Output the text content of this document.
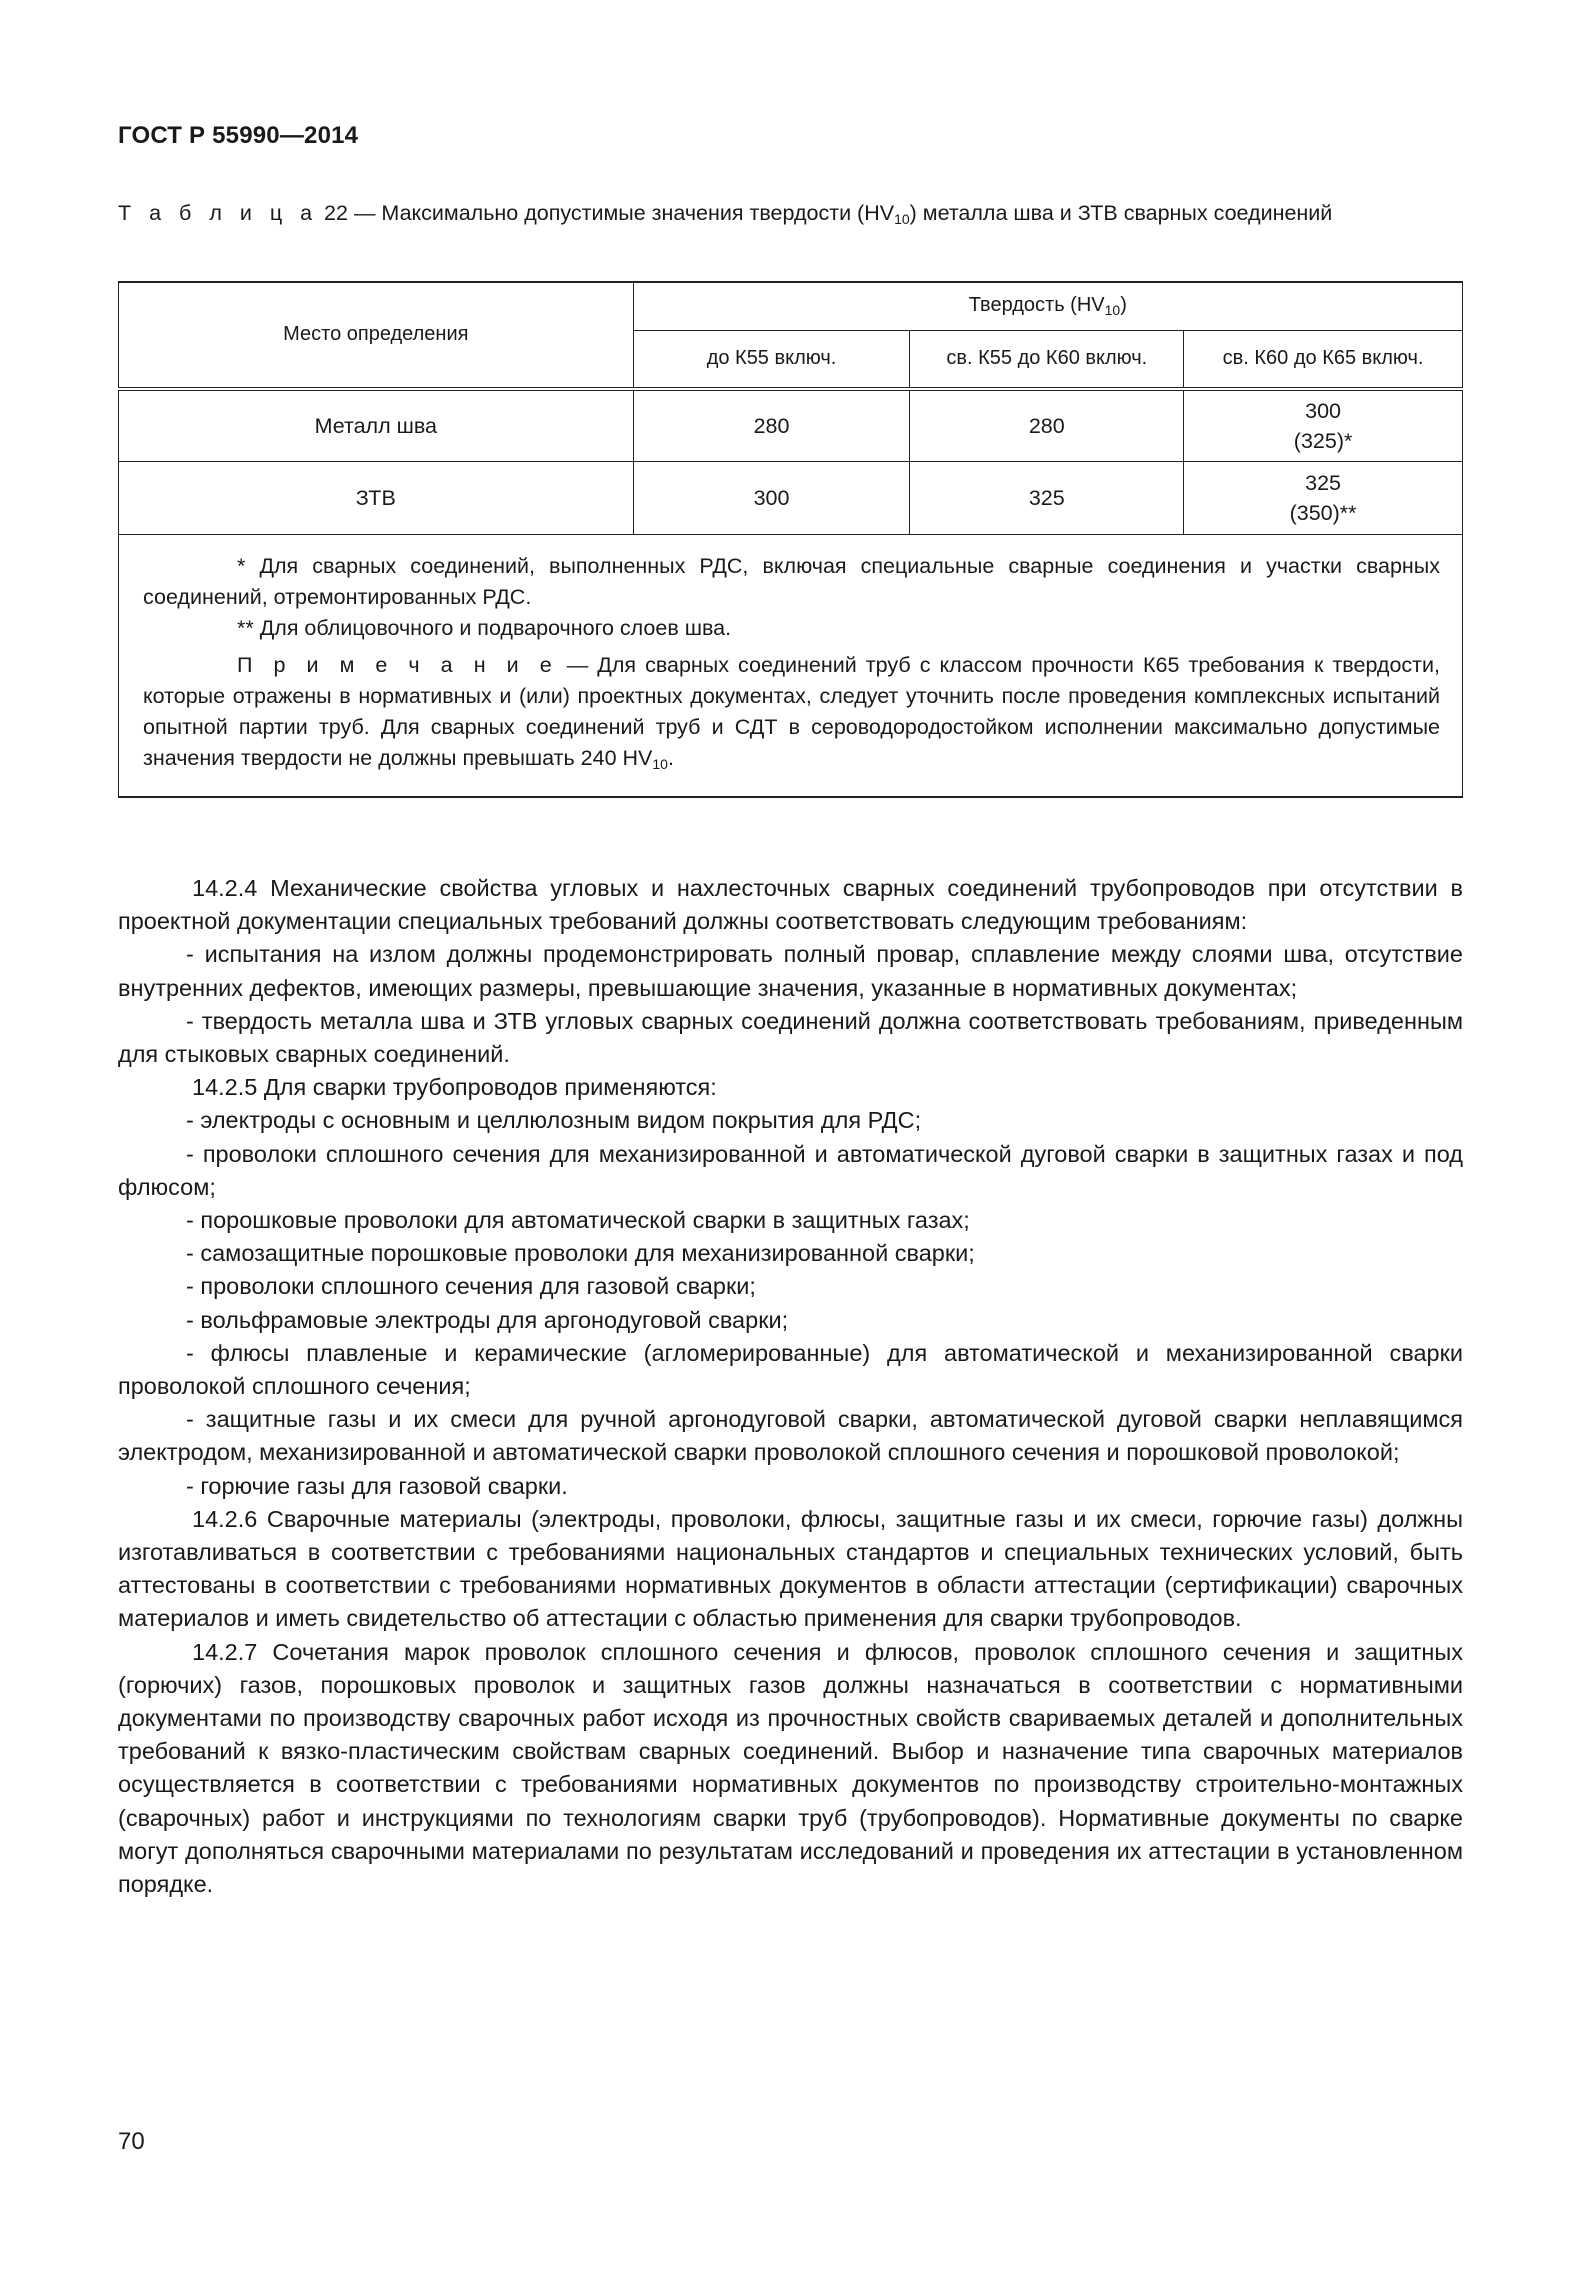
ГОСТ Р 55990—2014
Т а б л и ц а 22 — Максимально допустимые значения твердости $(HV_{10})$ металла шва и ЗТВ сварных соединений
Место определения	Твердость $(HV_{10})$		
	до К55 включ.	св. К55 до К60 включ.	св. К60 до К65 включ.
Металл шва	280	280	300
(325)*

ЗТВ	300	325	325
(350)**

* Для сварных соединений, выполненных РДС, включая специальные сварные соединения и участки сварных соединений, отремонтированных РДС.
** Для облицовочного и подварочного слоев шва.
П р и м е ч а н и е — Для сварных соединений труб с классом прочности К65 требования к твердости, которые отражены в нормативных и (или) проектных документах, следует уточнить после проведения комплексных испытаний опытной партии труб. Для сварных соединений труб и СДТ в сероводородостойком исполнении максимально допустимые значения твердости не должны превышать 240 $HV_{10}$.			

14.2.4 Механические свойства угловых и нахлесточных сварных соединений трубопроводов при отсутствии в проектной документации специальных требований должны соответствовать следующим требованиям:

- испытания на излом должны продемонстрировать полный провар, сплавление между слоями шва, отсутствие внутренних дефектов, имеющих размеры, превышающие значения, указанные в нормативных документах;

- твердость металла шва и ЗТВ угловых сварных соединений должна соответствовать требованиям, приведенным для стыковых сварных соединений.

14.2.5 Для сварки трубопроводов применяются:

- электроды с основным и целлюлозным видом покрытия для РДС;

- проволоки сплошного сечения для механизированной и автоматической дуговой сварки в защитных газах и под флюсом;

- порошковые проволоки для автоматической сварки в защитных газах;

- самозащитные порошковые проволоки для механизированной сварки;

- проволоки сплошного сечения для газовой сварки;

- вольфрамовые электроды для аргонодуговой сварки;

- флюсы плавленые и керамические (агломерированные) для автоматической и механизированной сварки проволокой сплошного сечения;

- защитные газы и их смеси для ручной аргонодуговой сварки, автоматической дуговой сварки неплавящимся электродом, механизированной и автоматической сварки проволокой сплошного сечения и порошковой проволокой;

- горючие газы для газовой сварки.

14.2.6 Сварочные материалы (электроды, проволоки, флюсы, защитные газы и их смеси, горючие газы) должны изготавливаться в соответствии с требованиями национальных стандартов и специальных технических условий, быть аттестованы в соответствии с требованиями нормативных документов в области аттестации (сертификации) сварочных материалов и иметь свидетельство об аттестации с областью применения для сварки трубопроводов.

14.2.7 Сочетания марок проволок сплошного сечения и флюсов, проволок сплошного сечения и защитных (горючих) газов, порошковых проволок и защитных газов должны назначаться в соответствии с нормативными документами по производству сварочных работ исходя из прочностных свойств свариваемых деталей и дополнительных требований к вязко-пластическим свойствам сварных соединений. Выбор и назначение типа сварочных материалов осуществляется в соответствии с требованиями нормативных документов по производству строительно-монтажных (сварочных) работ и инструкциями по технологиям сварки труб (трубопроводов). Нормативные документы по сварке могут дополняться сварочными материалами по результатам исследований и проведения их аттестации в установленном порядке.

70
